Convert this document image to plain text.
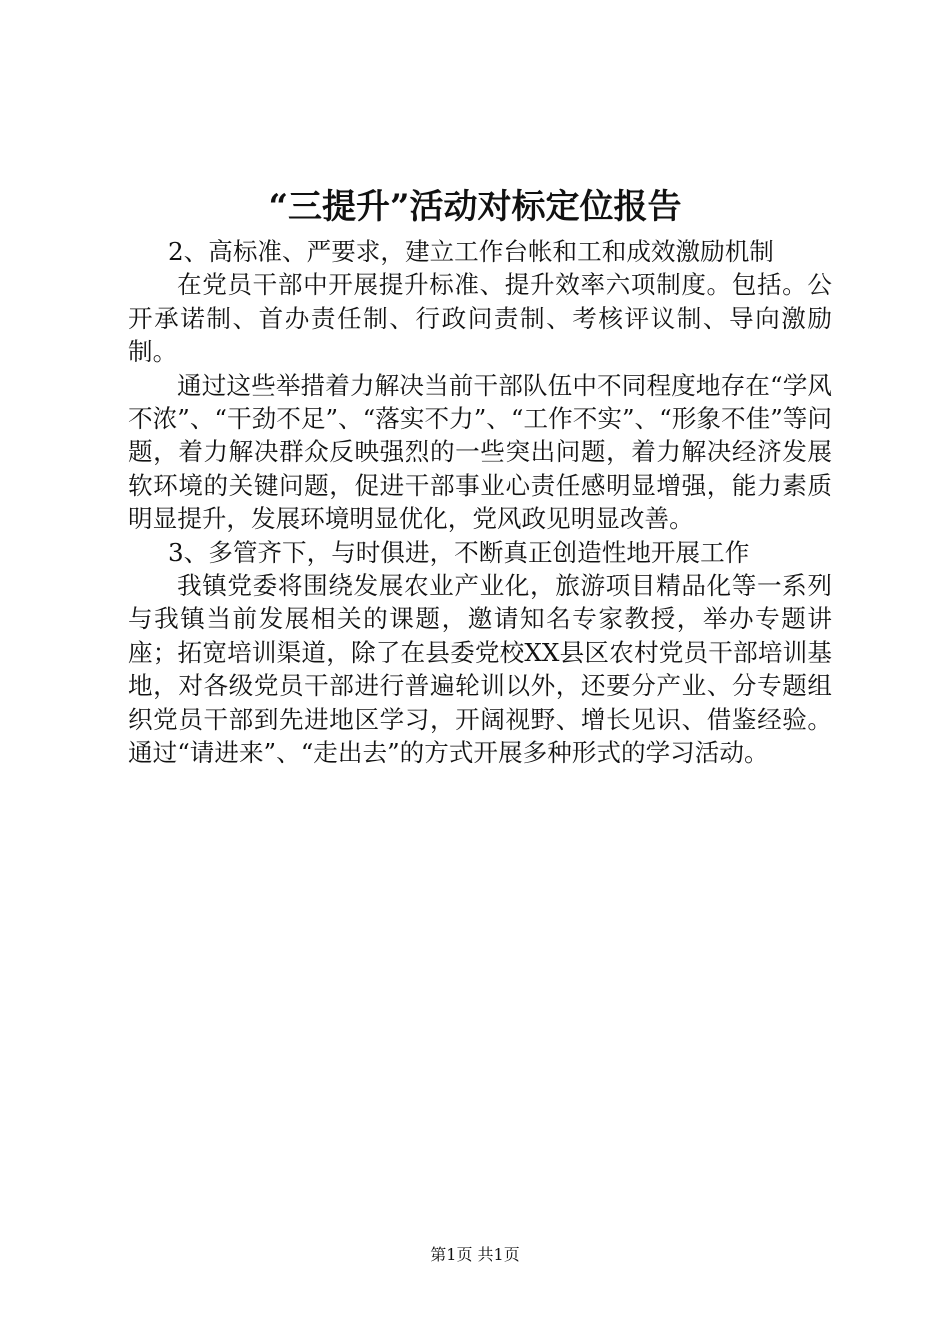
“三提升”活动对标定位报告

2、高标准、严要求，建立工作台帐和工和成效激励机制

在党员干部中开展提升标准、提升效率六项制度。包括。公开承诺制、首办责任制、行政问责制、考核评议制、导向激励制。

通过这些举措着力解决当前干部队伍中不同程度地存在“学风不浓”、“干劲不足”、“落实不力”、“工作不实”、“形象不佳”等问题，着力解决群众反映强烈的一些突出问题，着力解决经济发展软环境的关键问题，促进干部事业心责任感明显增强，能力素质明显提升，发展环境明显优化，党风政见明显改善。

3、多管齐下，与时俱进，不断真正创造性地开展工作

我镇党委将围绕发展农业产业化，旅游项目精品化等一系列与我镇当前发展相关的课题，邀请知名专家教授，举办专题讲座；拓宽培训渠道，除了在县委党校XX县区农村党员干部培训基地，对各级党员干部进行普遍轮训以外，还要分产业、分专题组织党员干部到先进地区学习，开阔视野、增长见识、借鉴经验。通过“请进来”、“走出去”的方式开展多种形式的学习活动。

第1页 共1页
